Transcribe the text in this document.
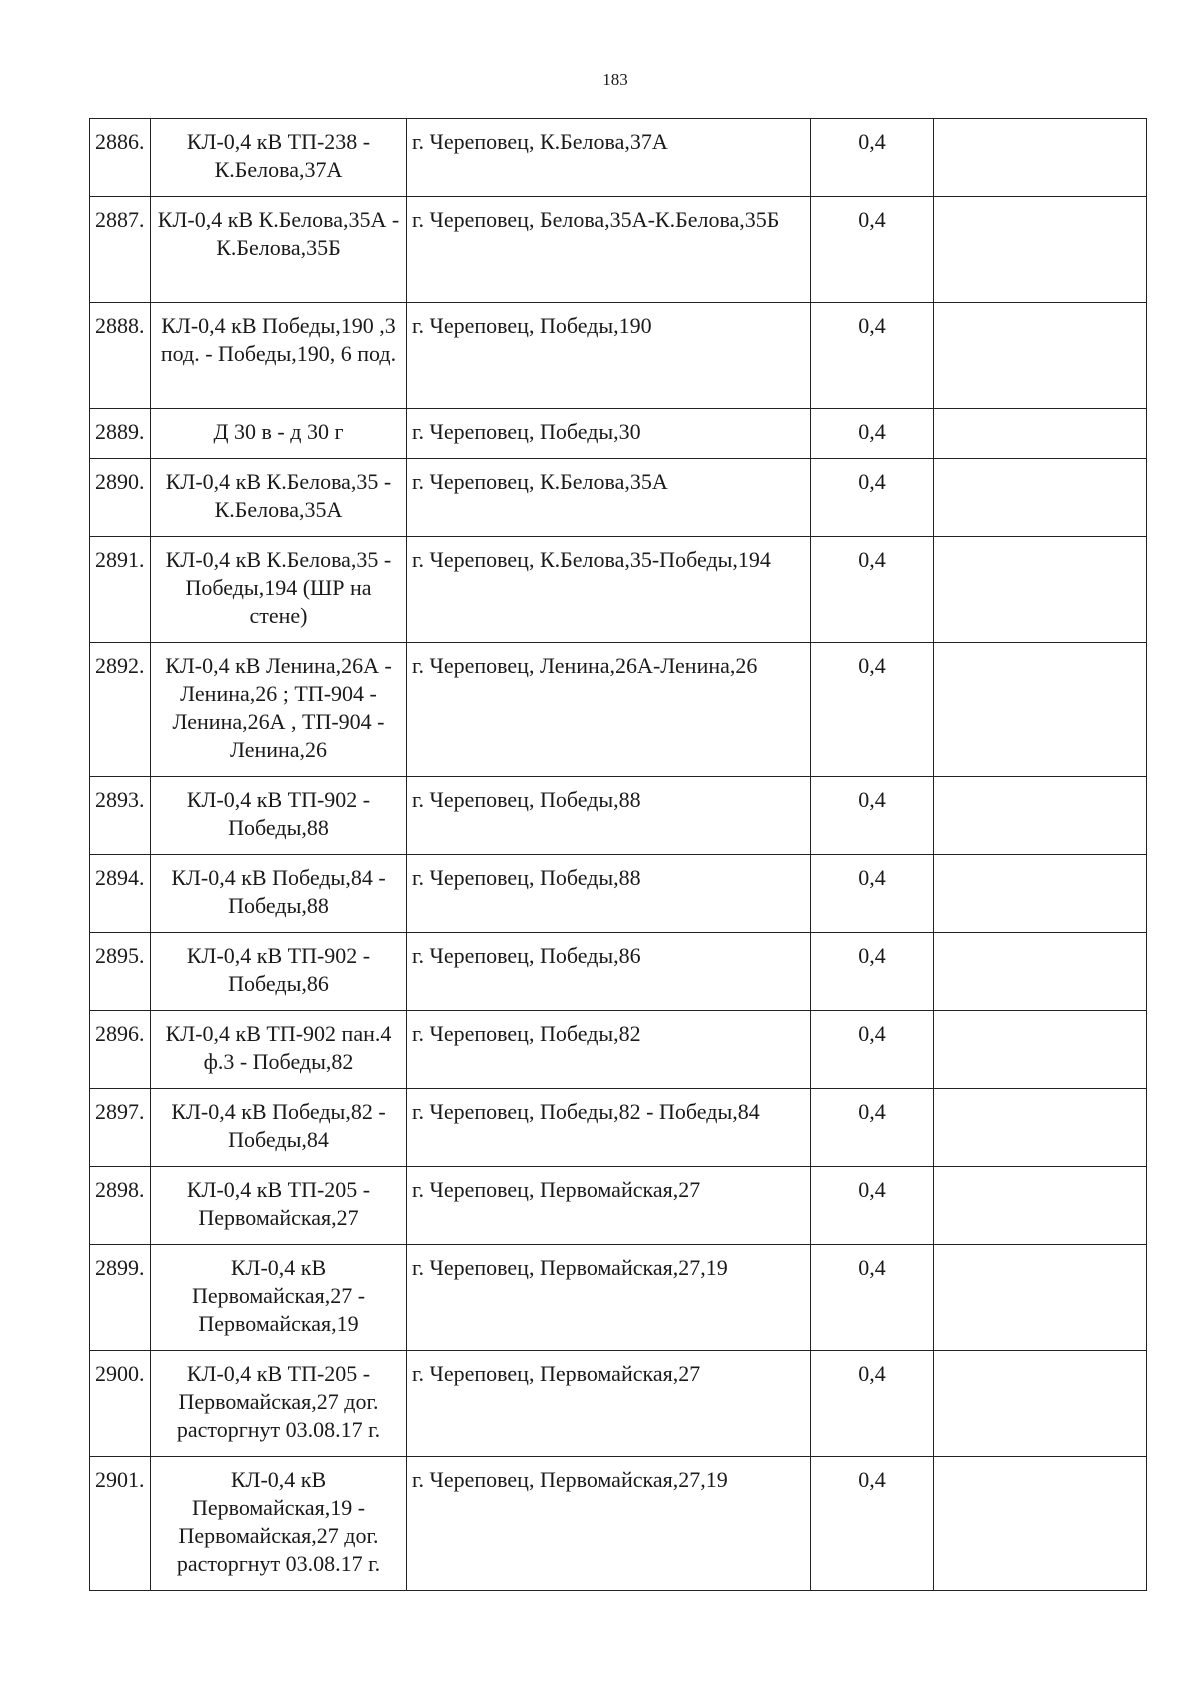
183
2886.	КЛ-0,4 кВ ТП-238 - К.Белова,37А	г. Череповец, К.Белова,37А	0,4	
2887.	КЛ-0,4 кВ К.Белова,35А - К.Белова,35Б	г. Череповец, Белова,35А-К.Белова,35Б	0,4	
2888.	КЛ-0,4 кВ Победы,190 ,3 под. - Победы,190, 6 под.	г. Череповец, Победы,190	0,4	
2889.	Д 30 в - д 30 г	г. Череповец, Победы,30	0,4	
2890.	КЛ-0,4 кВ К.Белова,35 - К.Белова,35А	г. Череповец, К.Белова,35А	0,4	
2891.	КЛ-0,4 кВ К.Белова,35 - Победы,194 (ШР на стене)	г. Череповец, К.Белова,35-Победы,194	0,4	
2892.	КЛ-0,4 кВ Ленина,26А - Ленина,26 ; ТП-904 - Ленина,26А , ТП-904 - Ленина,26	г. Череповец, Ленина,26А-Ленина,26	0,4	
2893.	КЛ-0,4 кВ ТП-902 - Победы,88	г. Череповец, Победы,88	0,4	
2894.	КЛ-0,4 кВ Победы,84 - Победы,88	г. Череповец, Победы,88	0,4	
2895.	КЛ-0,4 кВ ТП-902 - Победы,86	г. Череповец, Победы,86	0,4	
2896.	КЛ-0,4 кВ ТП-902 пан.4 ф.3 - Победы,82	г. Череповец, Победы,82	0,4	
2897.	КЛ-0,4 кВ Победы,82 - Победы,84	г. Череповец, Победы,82 - Победы,84	0,4	
2898.	КЛ-0,4 кВ ТП-205 - Первомайская,27	г. Череповец, Первомайская,27	0,4	
2899.	КЛ-0,4 кВ Первомайская,27 - Первомайская,19	г. Череповец, Первомайская,27,19	0,4	
2900.	КЛ-0,4 кВ ТП-205 - Первомайская,27 дог. расторгнут 03.08.17 г.	г. Череповец, Первомайская,27	0,4	
2901.	КЛ-0,4 кВ Первомайская,19 - Первомайская,27 дог. расторгнут 03.08.17 г.	г. Череповец, Первомайская,27,19	0,4	
